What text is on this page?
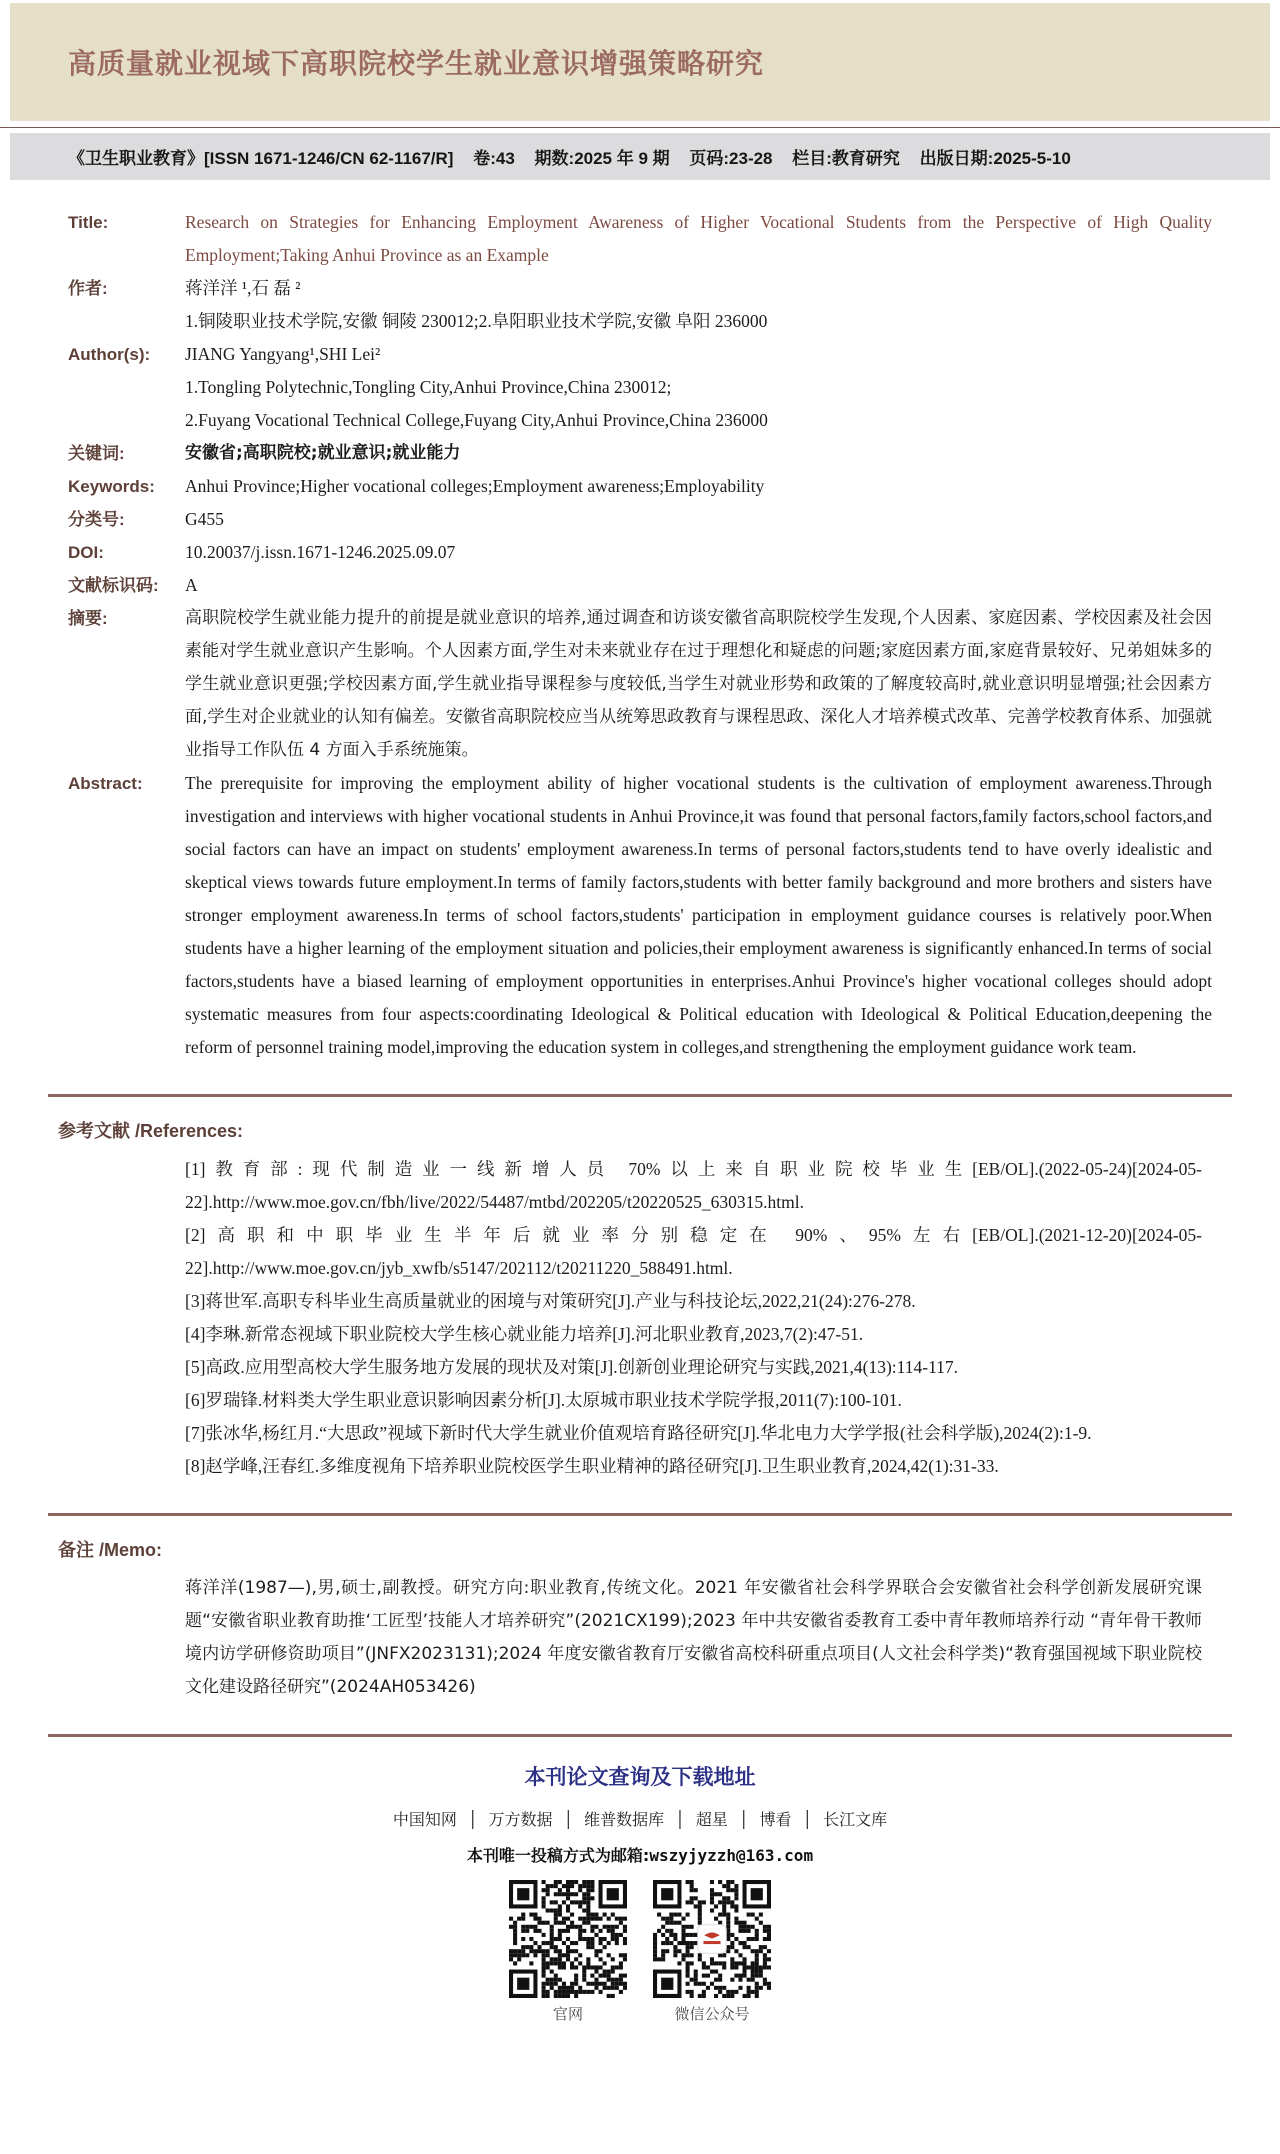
高质量就业视域下高职院校学生就业意识增强策略研究
《卫生职业教育》[ISSN 1671-1246/CN 62-1167/R] 卷:43 期数:2025 年 9 期 页码:23-28 栏目:教育研究 出版日期:2025-5-10
Title:	Research on Strategies for Enhancing Employment Awareness of Higher Vocational Students from the Perspective of High Quality Employment;Taking Anhui Province as an Example
作者:	蒋洋洋 ¹,石 磊 ²
1.铜陵职业技术学院,安徽 铜陵 230012;2.阜阳职业技术学院,安徽 阜阳 236000
Author(s):	JIANG Yangyang¹,SHI Lei²
1.Tongling Polytechnic,Tongling City,Anhui Province,China 230012;
2.Fuyang Vocational Technical College,Fuyang City,Anhui Province,China 236000
关键词:	安徽省;高职院校;就业意识;就业能力
Keywords:	Anhui Province;Higher vocational colleges;Employment awareness;Employability
分类号:	G455
DOI:	10.20037/j.issn.1671-1246.2025.09.07
文献标识码:	A
摘要:	高职院校学生就业能力提升的前提是就业意识的培养,通过调查和访谈安徽省高职院校学生发现,个人因素、家庭因素、学校因素及社会因素能对学生就业意识产生影响。个人因素方面,学生对未来就业存在过于理想化和疑虑的问题;家庭因素方面,家庭背景较好、兄弟姐妹多的学生就业意识更强;学校因素方面,学生就业指导课程参与度较低,当学生对就业形势和政策的了解度较高时,就业意识明显增强;社会因素方面,学生对企业就业的认知有偏差。安徽省高职院校应当从统筹思政教育与课程思政、深化人才培养模式改革、完善学校教育体系、加强就业指导工作队伍 4 方面入手系统施策。
Abstract:	The prerequisite for improving the employment ability of higher vocational students is the cultivation of employment awareness.Through investigation and interviews with higher vocational students in Anhui Province,it was found that personal factors,family factors,school factors,and social factors can have an impact on students' employment awareness.In terms of personal factors,students tend to have overly idealistic and skeptical views towards future employment.In terms of family factors,students with better family background and more brothers and sisters have stronger employment awareness.In terms of school factors,students' participation in employment guidance courses is relatively poor.When students have a higher learning of the employment situation and policies,their employment awareness is significantly enhanced.In terms of social factors,students have a biased learning of employment opportunities in enterprises.Anhui Province's higher vocational colleges should adopt systematic measures from four aspects:coordinating Ideological & Political education with Ideological & Political Education,deepening the reform of personnel training model,improving the education system in colleges,and strengthening the employment guidance work team.
参考文献 /References:

[1]教育部:现代制造业一线新增人员 70%以上来自职业院校毕业生[EB/OL].(2022-05-24)[2024-05-22].http://www.moe.gov.cn/fbh/live/2022/54487/mtbd/202205/t20220525_630315.html.

[2]高职和中职毕业生半年后就业率分别稳定在 90%、95%左右[EB/OL].(2021-12-20)[2024-05-22].http://www.moe.gov.cn/jyb_xwfb/s5147/202112/t20211220_588491.html.

[3]蒋世军.高职专科毕业生高质量就业的困境与对策研究[J].产业与科技论坛,2022,21(24):276-278.

[4]李琳.新常态视域下职业院校大学生核心就业能力培养[J].河北职业教育,2023,7(2):47-51.

[5]高政.应用型高校大学生服务地方发展的现状及对策[J].创新创业理论研究与实践,2021,4(13):114-117.

[6]罗瑞锋.材料类大学生职业意识影响因素分析[J].太原城市职业技术学院学报,2011(7):100-101.

[7]张冰华,杨红月.“大思政”视域下新时代大学生就业价值观培育路径研究[J].华北电力大学学报(社会科学版),2024(2):1-9.

[8]赵学峰,汪春红.多维度视角下培养职业院校医学生职业精神的路径研究[J].卫生职业教育,2024,42(1):31-33.

备注 /Memo:

蒋洋洋(1987—),男,硕士,副教授。研究方向:职业教育,传统文化。2021 年安徽省社会科学界联合会安徽省社会科学创新发展研究课题“安徽省职业教育助推‘工匠型’技能人才培养研究”(2021CX199);2023 年中共安徽省委教育工委中青年教师培养行动 “青年骨干教师境内访学研修资助项目”(JNFX2023131);2024 年度安徽省教育厅安徽省高校科研重点项目(人文社会科学类)“教育强国视域下职业院校文化建设路径研究”(2024AH053426)

本刊论文查询及下载地址
中国知网 │ 万方数据 │ 维普数据库 │ 超星 │ 博看 │ 长江文库
本刊唯一投稿方式为邮箱:wszyjyzzh@163.com
官网	微信公众号
